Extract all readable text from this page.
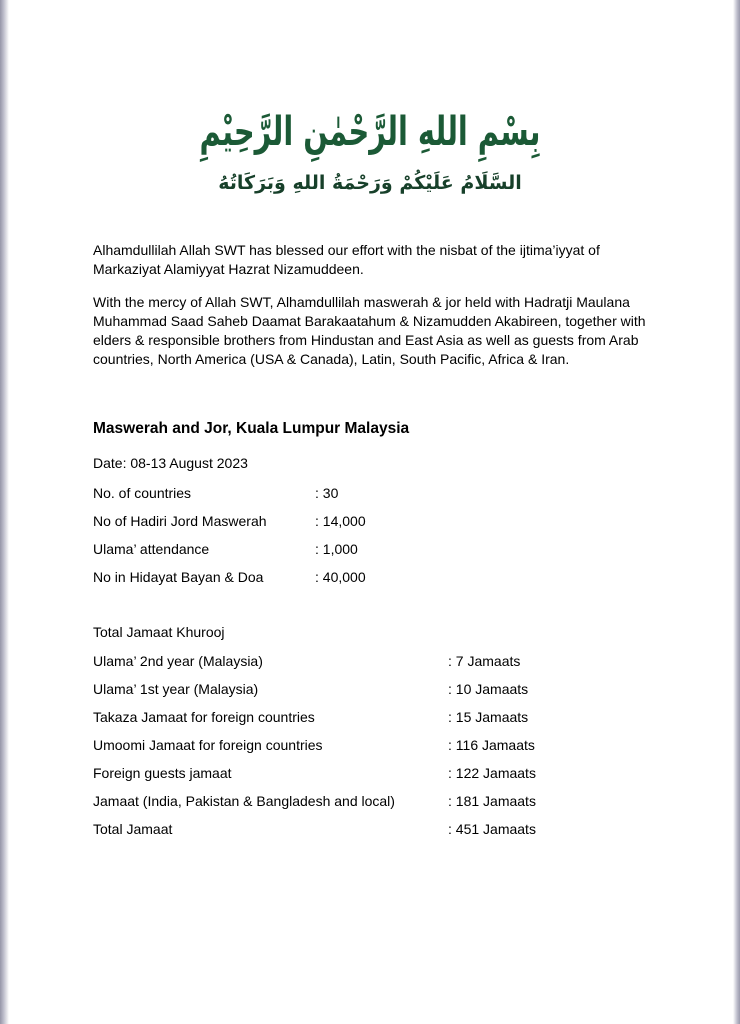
بِسْمِ اللهِ الرَّحْمٰنِ الرَّحِيْمِ
السَّلَامُ عَلَيْكُمْ وَرَحْمَةُ اللهِ وَبَرَكَاتُهُ
Alhamdullilah Allah SWT has blessed our effort with the nisbat of the ijtima’iyyat of Markaziyat Alamiyyat Hazrat Nizamuddeen.
With the mercy of Allah SWT, Alhamdullilah maswerah & jor held with Hadratji Maulana Muhammad Saad Saheb Daamat Barakaatahum & Nizamudden Akabireen, together with elders & responsible brothers from Hindustan and East Asia as well as guests from Arab countries, North America (USA & Canada), Latin, South Pacific, Africa & Iran.
Maswerah and Jor, Kuala Lumpur Malaysia
Date: 08-13 August 2023
No. of countries	: 30
No of Hadiri Jord Maswerah	: 14,000
Ulama’ attendance	: 1,000
No in Hidayat Bayan & Doa	: 40,000
Total Jamaat Khurooj
Ulama’ 2nd year (Malaysia)	: 7 Jamaats
Ulama’ 1st year (Malaysia)	: 10 Jamaats
Takaza Jamaat for foreign countries	: 15 Jamaats
Umoomi Jamaat for foreign countries	: 116 Jamaats
Foreign guests jamaat	: 122 Jamaats
Jamaat (India, Pakistan & Bangladesh and local)	: 181 Jamaats
Total Jamaat	: 451 Jamaats
